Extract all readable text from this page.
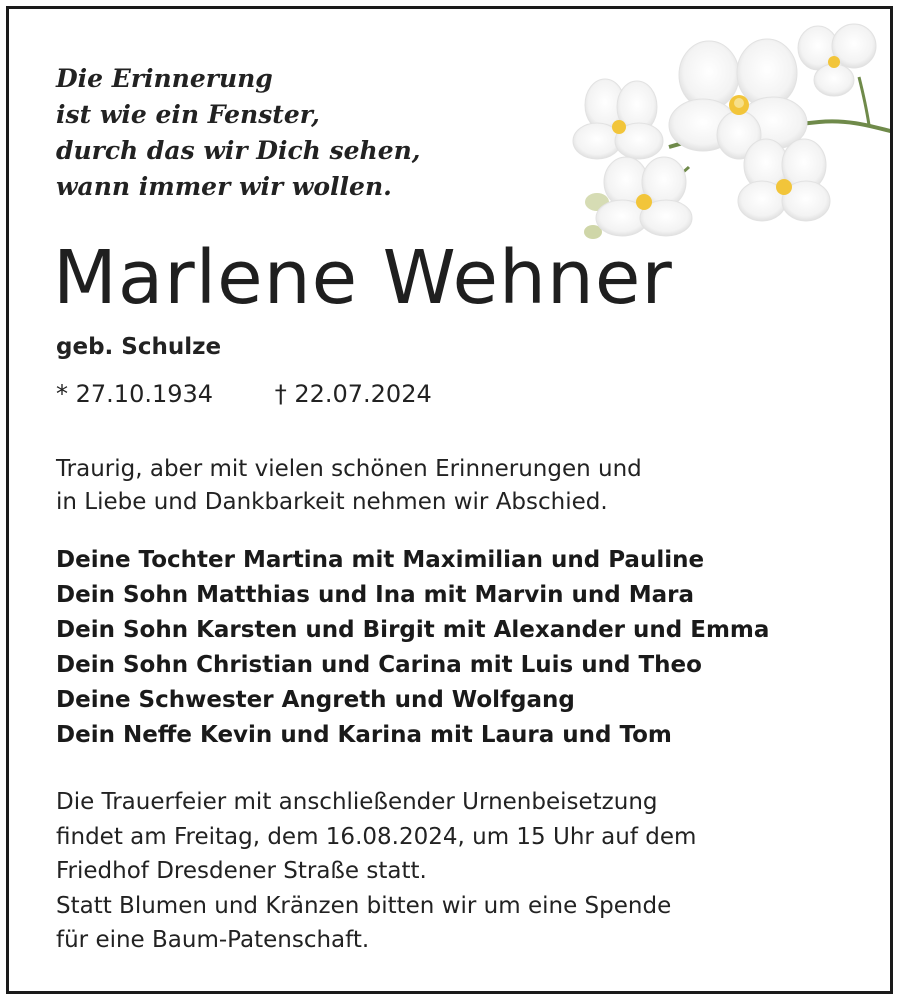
Die Erinnerung
ist wie ein Fenster,
durch das wir Dich sehen,
wann immer wir wollen.
Marlene Wehner
geb. Schulze
* 27.10.1934	† 22.07.2024
Traurig, aber mit vielen schönen Erinnerungen und
in Liebe und Dankbarkeit nehmen wir Abschied.
Deine Tochter Martina mit Maximilian und Pauline
Dein Sohn Matthias und Ina mit Marvin und Mara
Dein Sohn Karsten und Birgit mit Alexander und Emma
Dein Sohn Christian und Carina mit Luis und Theo
Deine Schwester Angreth und Wolfgang
Dein Neffe Kevin und Karina mit Laura und Tom
Die Trauerfeier mit anschließender Urnenbeisetzung
findet am Freitag, dem 16.08.2024, um 15 Uhr auf dem
Friedhof Dresdener Straße statt.
Statt Blumen und Kränzen bitten wir um eine Spende
für eine Baum-Patenschaft.
